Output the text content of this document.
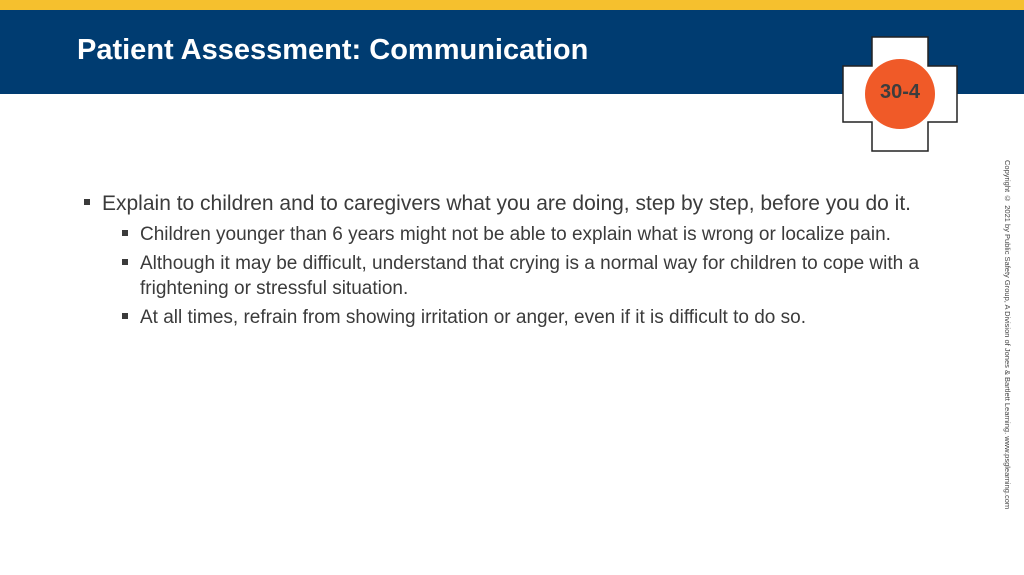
Patient Assessment: Communication
30-4
Explain to children and to caregivers what you are doing, step by step, before you do it.
Children younger than 6 years might not be able to explain what is wrong or localize pain.
Although it may be difficult, understand that crying is a normal way for children to cope with a frightening or stressful situation.
At all times, refrain from showing irritation or anger, even if it is difficult to do so.	Copyright © 2021 by Public Safety Group, A Division of Jones & Bartlett Learning. www.psglearning.com
